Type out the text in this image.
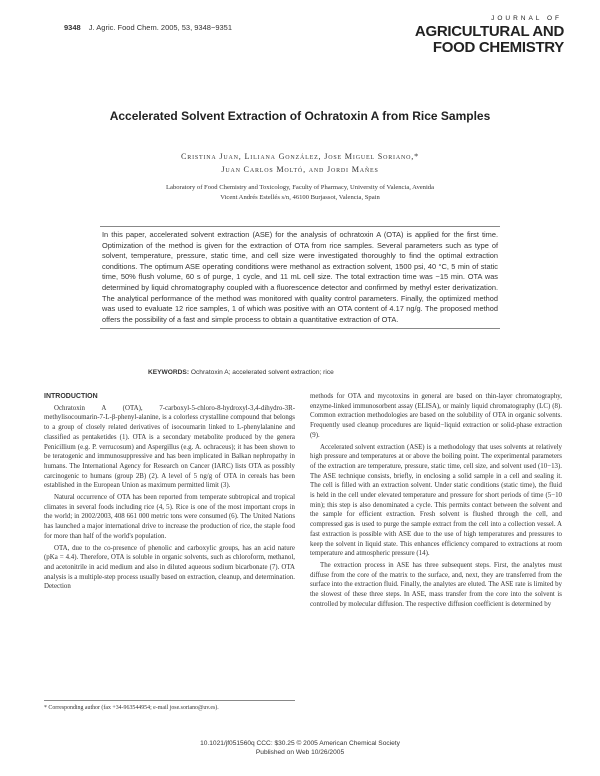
9348 J. Agric. Food Chem. 2005, 53, 9348−9351
JOURNAL OF
AGRICULTURAL AND
FOOD CHEMISTRY
Accelerated Solvent Extraction of Ochratoxin A from Rice Samples
Cristina Juan, Liliana González, Jose Miguel Soriano,*
Juan Carlos Moltó, and Jordi Mañes
Laboratory of Food Chemistry and Toxicology, Faculty of Pharmacy, University of Valencia, Avenida
Vicent Andrés Estellés s/n, 46100 Burjassot, Valencia, Spain
In this paper, accelerated solvent extraction (ASE) for the analysis of ochratoxin A (OTA) is applied for the first time. Optimization of the method is given for the extraction of OTA from rice samples. Several parameters such as type of solvent, temperature, pressure, static time, and cell size were investigated thoroughly to find the optimal extraction conditions. The optimum ASE operating conditions were methanol as extraction solvent, 1500 psi, 40 °C, 5 min of static time, 50% flush volume, 60 s of purge, 1 cycle, and 11 mL cell size. The total extraction time was ~15 min. OTA was determined by liquid chromatography coupled with a fluorescence detector and confirmed by methyl ester derivatization. The analytical performance of the method was monitored with quality control parameters. Finally, the optimized method was used to evaluate 12 rice samples, 1 of which was positive with an OTA content of 4.17 ng/g. The proposed method offers the possibility of a fast and simple process to obtain a quantitative extraction of OTA.
KEYWORDS: Ochratoxin A; accelerated solvent extraction; rice

INTRODUCTION

Ochratoxin A (OTA), 7-carboxyl-5-chloro-8-hydroxyl-3,4-dihydro-3R-methylisocoumarin-7-L-β-phenyl-alanine, is a colorless crystalline compound that belongs to a group of closely related derivatives of isocoumarin linked to L-phenylalanine and classified as pentaketides (1). OTA is a secondary metabolite produced by the genera Penicillium (e.g. P. verrucosum) and Aspergillus (e.g. A. ochraceus); it has been shown to be teratogenic and immunosuppressive and has been implicated in Balkan nephropathy in humans. The International Agency for Research on Cancer (IARC) lists OTA as possibly carcinogenic to humans (group 2B) (2). A level of 5 ng/g of OTA in cereals has been established in the European Union as maximum permitted limit (3).

Natural occurrence of OTA has been reported from temperate subtropical and tropical climates in several foods including rice (4, 5). Rice is one of the most important crops in the world; in 2002/2003, 408 661 000 metric tons were consumed (6). The United Nations has launched a major international drive to increase the production of rice, the staple food for more than half of the world's population.

OTA, due to the co-presence of phenolic and carboxylic groups, has an acid nature (pKa = 4.4). Therefore, OTA is soluble in organic solvents, such as chloroform, methanol, and acetonitrile in acid medium and also in diluted aqueous sodium bicarbonate (7). OTA analysis is a multiple-step process usually based on extraction, cleanup, and determination. Detection

* Corresponding author (fax +34-963544954; e-mail jose.soriano@uv.es).

methods for OTA and mycotoxins in general are based on thin-layer chromatography, enzyme-linked immunosorbent assay (ELISA), or mainly liquid chromatography (LC) (8). Common extraction methodologies are based on the solubility of OTA in organic solvents. Frequently used cleanup procedures are liquid−liquid extraction or solid-phase extraction (9).

Accelerated solvent extraction (ASE) is a methodology that uses solvents at relatively high pressure and temperatures at or above the boiling point. The experimental parameters of the extraction are temperature, pressure, static time, cell size, and solvent used (10−13). The ASE technique consists, briefly, in enclosing a solid sample in a cell and sealing it. The cell is filled with an extraction solvent. Under static conditions (static time), the fluid is held in the cell under elevated temperature and pressure for short periods of time (5−10 min); this step is also denominated a cycle. This permits contact between the solvent and the sample for efficient extraction. Fresh solvent is flushed through the cell, and compressed gas is used to purge the sample extract from the cell into a collection vessel. A fast extraction is possible with ASE due to the use of high temperatures and pressures to keep the solvent in liquid state. This enhances efficiency compared to extractions at room temperature and atmospheric pressure (14).

The extraction process in ASE has three subsequent steps. First, the analytes must diffuse from the core of the matrix to the surface, and, next, they are transferred from the surface into the extraction fluid. Finally, the analytes are eluted. The ASE rate is limited by the slowest of these three steps. In ASE, mass transfer from the core into the solvent is controlled by molecular diffusion. The respective diffusion coefficient is determined by

10.1021/jf051560q CCC: $30.25 © 2005 American Chemical Society
Published on Web 10/26/2005
